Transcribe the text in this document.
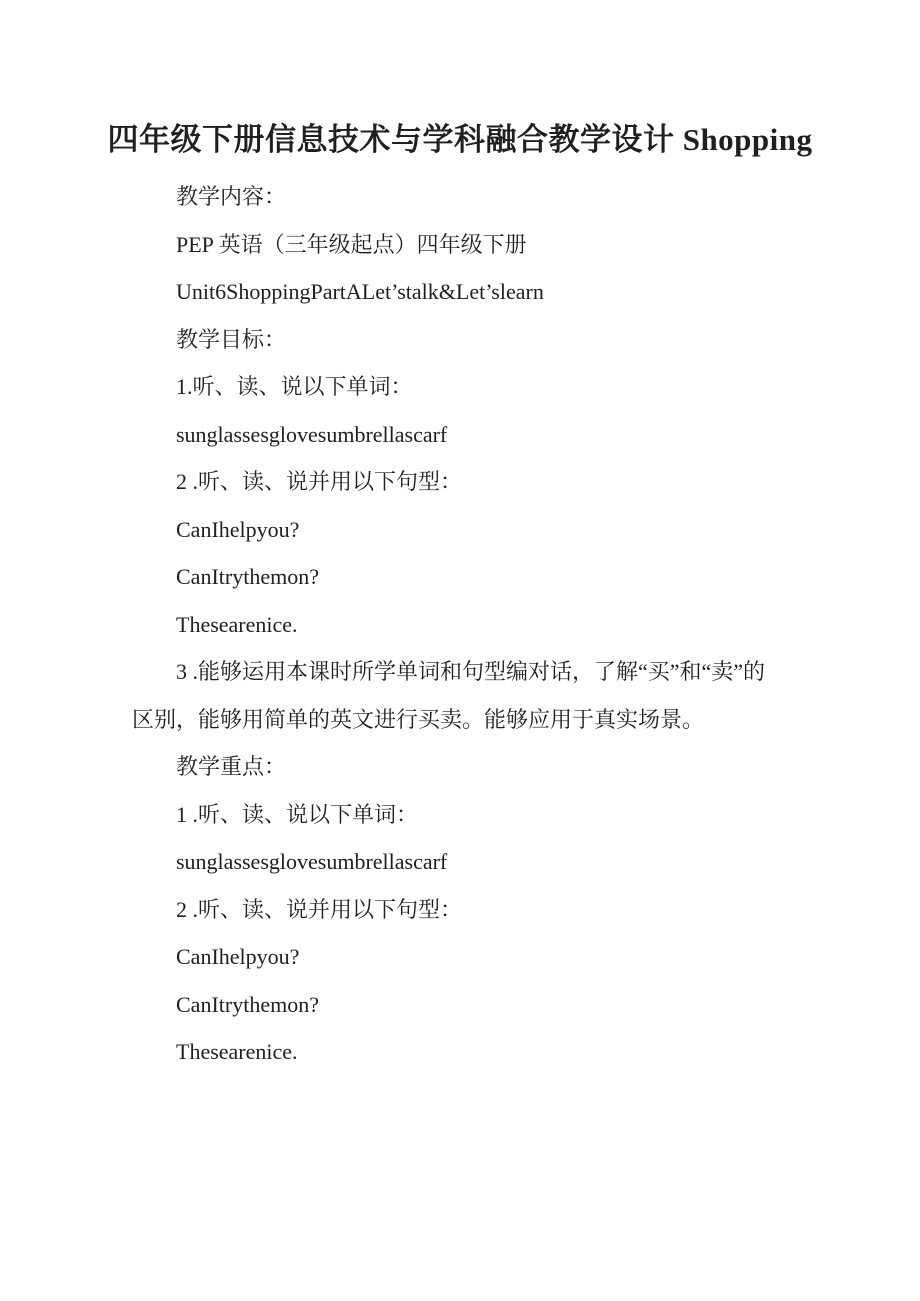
四年级下册信息技术与学科融合教学设计 Shopping

教学内容：

PEP 英语（三年级起点）四年级下册

Unit6ShoppingPartALet’stalk&Let’slearn

教学目标：

1.听、读、说以下单词：

sunglassesglovesumbrellascarf

2 .听、读、说并用以下句型：

CanIhelpyou?

CanItrythemon?

Thesearenice.

3 .能够运用本课时所学单词和句型编对话，了解“买”和“卖”的

区别，能够用简单的英文进行买卖。能够应用于真实场景。

教学重点：

1 .听、读、说以下单词：

sunglassesglovesumbrellascarf

2 .听、读、说并用以下句型：

CanIhelpyou?

CanItrythemon?

Thesearenice.
